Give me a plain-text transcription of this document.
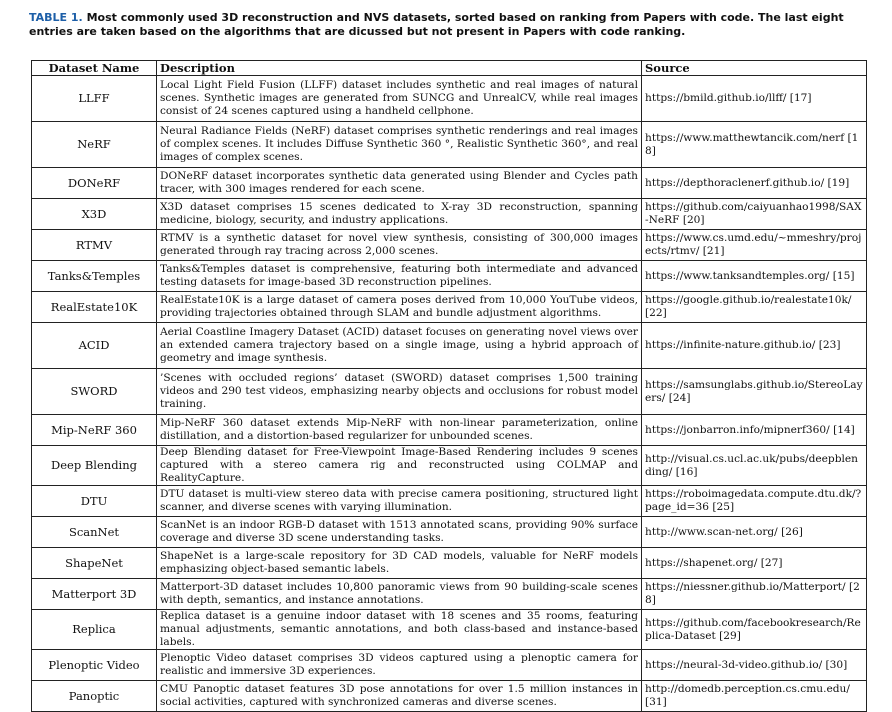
TABLE 1. Most commonly used 3D reconstruction and NVS datasets, sorted based on ranking from Papers with code. The last eight entries are taken based on the algorithms that are dicussed but not present in Papers with code ranking.
Dataset Name	Description	Source
LLFF	Local Light Field Fusion (LLFF) dataset includes synthetic and real images of natural scenes. Synthetic images are generated from SUNCG and UnrealCV, while real images consist of 24 scenes captured using a handheld cellphone.	https://bmild.github.io/llff/ [17]
NeRF	Neural Radiance Fields (NeRF) dataset comprises synthetic renderings and real images of complex scenes. It includes Diffuse Synthetic 360 °, Realistic Synthetic 360°, and real images of complex scenes.	https://www.matthewtancik.com/nerf [18]
DONeRF	DONeRF dataset incorporates synthetic data generated using Blender and Cycles path tracer, with 300 images rendered for each scene.	https://depthoraclenerf.github.io/ [19]
X3D	X3D dataset comprises 15 scenes dedicated to X-ray 3D reconstruction, spanning medicine, biology, security, and industry applications.	https://github.com/caiyuanhao1998/SAX-NeRF [20]
RTMV	RTMV is a synthetic dataset for novel view synthesis, consisting of 300,000 images generated through ray tracing across 2,000 scenes.	https://www.cs.umd.edu/~mmeshry/projects/rtmv/ [21]
Tanks&Temples	Tanks&Temples dataset is comprehensive, featuring both intermediate and advanced testing datasets for image-based 3D reconstruction pipelines.	https://www.tanksandtemples.org/ [15]
RealEstate10K	RealEstate10K is a large dataset of camera poses derived from 10,000 YouTube videos, providing trajectories obtained through SLAM and bundle adjustment algorithms.	https://google.github.io/realestate10k/ [22]
ACID	Aerial Coastline Imagery Dataset (ACID) dataset focuses on generating novel views over an extended camera trajectory based on a single image, using a hybrid approach of geometry and image synthesis.	https://infinite-nature.github.io/ [23]
SWORD	’Scenes with occluded regions’ dataset (SWORD) dataset comprises 1,500 training videos and 290 test videos, emphasizing nearby objects and occlusions for robust model training.	https://samsunglabs.github.io/StereoLayers/ [24]
Mip-NeRF 360	Mip-NeRF 360 dataset extends Mip-NeRF with non-linear parameterization, online distillation, and a distortion-based regularizer for unbounded scenes.	https://jonbarron.info/mipnerf360/ [14]
Deep Blending	Deep Blending dataset for Free-Viewpoint Image-Based Rendering includes 9 scenes captured with a stereo camera rig and reconstructed using COLMAP and RealityCapture.	http://visual.cs.ucl.ac.uk/pubs/deepblending/ [16]
DTU	DTU dataset is multi-view stereo data with precise camera positioning, structured light scanner, and diverse scenes with varying illumination.	https://roboimagedata.compute.dtu.dk/?page_id=36 [25]
ScanNet	ScanNet is an indoor RGB-D dataset with 1513 annotated scans, providing 90% surface coverage and diverse 3D scene understanding tasks.	http://www.scan-net.org/ [26]
ShapeNet	ShapeNet is a large-scale repository for 3D CAD models, valuable for NeRF models emphasizing object-based semantic labels.	https://shapenet.org/ [27]
Matterport 3D	Matterport-3D dataset includes 10,800 panoramic views from 90 building-scale scenes with depth, semantics, and instance annotations.	https://niessner.github.io/Matterport/ [28]
Replica	Replica dataset is a genuine indoor dataset with 18 scenes and 35 rooms, featuring manual adjustments, semantic annotations, and both class-based and instance-based labels.	https://github.com/facebookresearch/Replica-Dataset [29]
Plenoptic Video	Plenoptic Video dataset comprises 3D videos captured using a plenoptic camera for realistic and immersive 3D experiences.	https://neural-3d-video.github.io/ [30]
Panoptic	CMU Panoptic dataset features 3D pose annotations for over 1.5 million instances in social activities, captured with synchronized cameras and diverse scenes.	http://domedb.perception.cs.cmu.edu/ [31]
